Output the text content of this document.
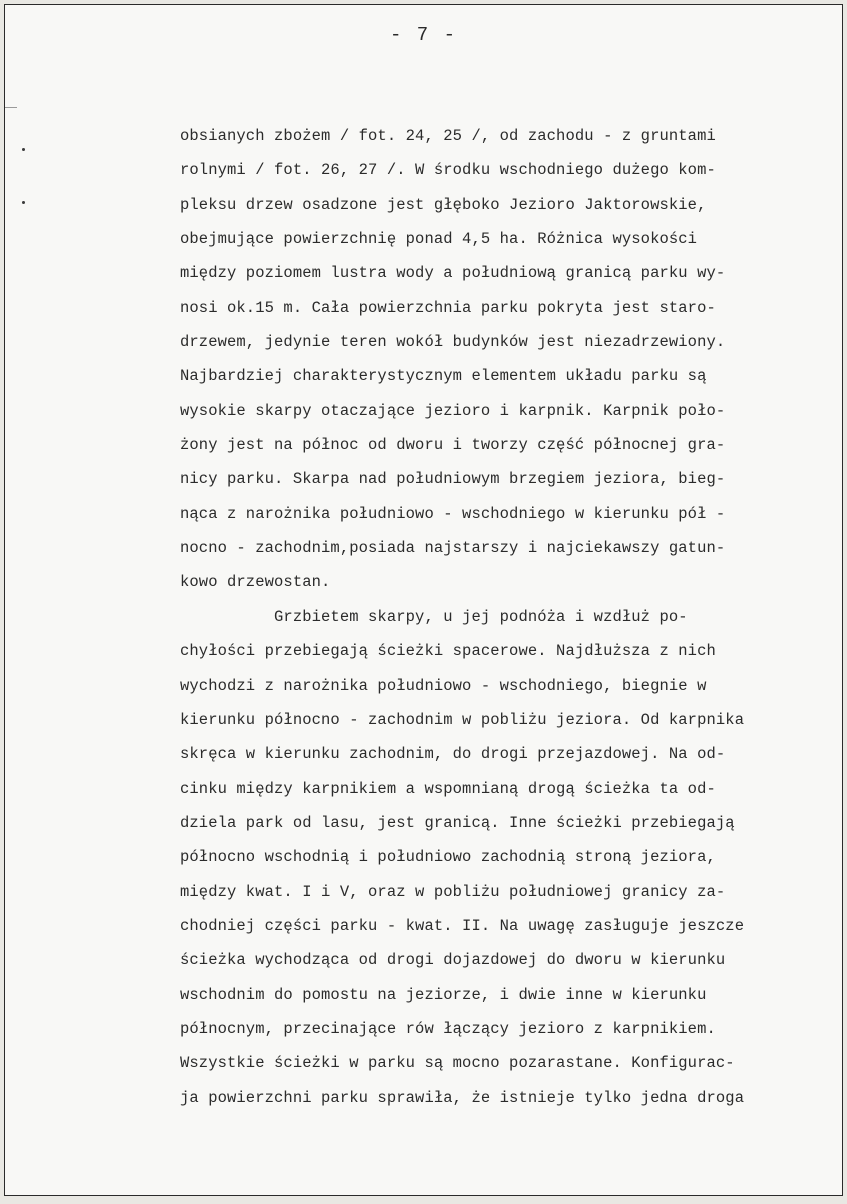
- 7 -
obsianych zbożem / fot. 24, 25 /, od zachodu - z gruntami
rolnymi / fot. 26, 27 /. W środku wschodniego dużego kom-
pleksu drzew osadzone jest głęboko Jezioro Jaktorowskie,
obejmujące powierzchnię ponad 4,5 ha. Różnica wysokości
między poziomem lustra wody a południową granicą parku wy-
nosi ok.15 m. Cała powierzchnia parku pokryta jest staro-
drzewem, jedynie teren wokół budynków jest niezadrzewiony.
Najbardziej charakterystycznym elementem układu parku są
wysokie skarpy otaczające jezioro i karpnik. Karpnik poło-
żony jest na północ od dworu i tworzy część północnej gra-
nicy parku. Skarpa nad południowym brzegiem jeziora, bieg-
nąca z narożnika południowo - wschodniego w kierunku pół -
nocno - zachodnim,posiada najstarszy i najciekawszy gatun-
kowo drzewostan.
Grzbietem skarpy, u jej podnóża i wzdłuż po-
chyłości przebiegają ścieżki spacerowe. Najdłuższa z nich
wychodzi z narożnika południowo - wschodniego, biegnie w
kierunku północno - zachodnim w pobliżu jeziora. Od karpnika
skręca w kierunku zachodnim, do drogi przejazdowej. Na od-
cinku między karpnikiem a wspomnianą drogą ścieżka ta od-
dziela park od lasu, jest granicą. Inne ścieżki przebiegają
północno wschodnią i południowo zachodnią stroną jeziora,
między kwat. I i V, oraz w pobliżu południowej granicy za-
chodniej części parku - kwat. II. Na uwagę zasługuje jeszcze
ścieżka wychodząca od drogi dojazdowej do dworu w kierunku
wschodnim do pomostu na jeziorze, i dwie inne w kierunku
północnym, przecinające rów łączący jezioro z karpnikiem.
Wszystkie ścieżki w parku są mocno pozarastane. Konfigurac-
ja powierzchni parku sprawiła, że istnieje tylko jedna droga
